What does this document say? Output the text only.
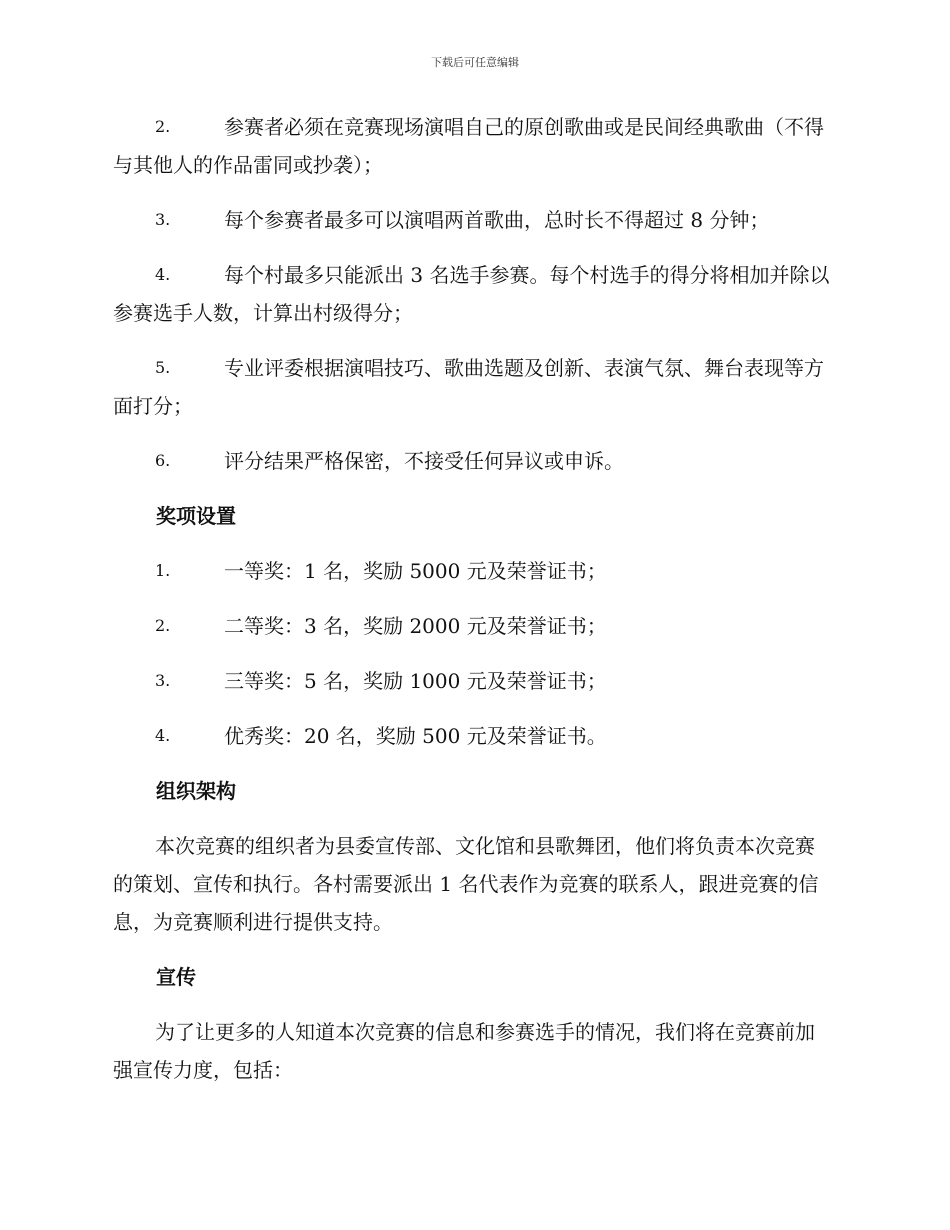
下载后可任意编辑
2.	参赛者必须在竞赛现场演唱自己的原创歌曲或是民间经典歌曲（不得与其他人的作品雷同或抄袭）；
3.	每个参赛者最多可以演唱两首歌曲，总时长不得超过 8 分钟；
4.	每个村最多只能派出 3 名选手参赛。每个村选手的得分将相加并除以参赛选手人数，计算出村级得分；
5.	专业评委根据演唱技巧、歌曲选题及创新、表演气氛、舞台表现等方面打分；
6.	评分结果严格保密，不接受任何异议或申诉。
奖项设置
1.	一等奖：1 名，奖励 5000 元及荣誉证书；
2.	二等奖：3 名，奖励 2000 元及荣誉证书；
3.	三等奖：5 名，奖励 1000 元及荣誉证书；
4.	优秀奖：20 名，奖励 500 元及荣誉证书。
组织架构

本次竞赛的组织者为县委宣传部、文化馆和县歌舞团，他们将负责本次竞赛的策划、宣传和执行。各村需要派出 1 名代表作为竞赛的联系人，跟进竞赛的信息，为竞赛顺利进行提供支持。

宣传

为了让更多的人知道本次竞赛的信息和参赛选手的情况，我们将在竞赛前加强宣传力度，包括：
